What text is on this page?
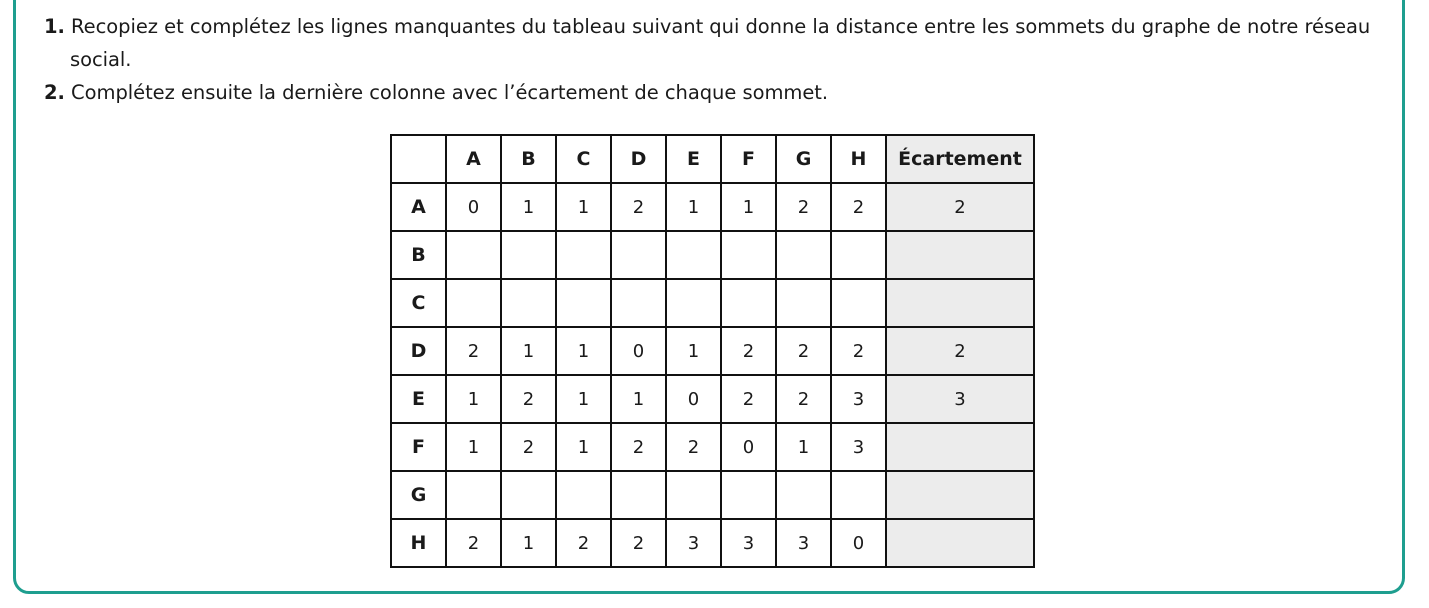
1. Recopiez et complétez les lignes manquantes du tableau suivant qui donne la distance entre les sommets du graphe de notre réseau social.
2. Complétez ensuite la dernière colonne avec l’écartement de chaque sommet.
	A	B	C	D	E	F	G	H	Écartement
A	0	1	1	2	1	1	2	2	2
B									
C									
D	2	1	1	0	1	2	2	2	2
E	1	2	1	1	0	2	2	3	3
F	1	2	1	2	2	0	1	3	
G									
H	2	1	2	2	3	3	3	0	
